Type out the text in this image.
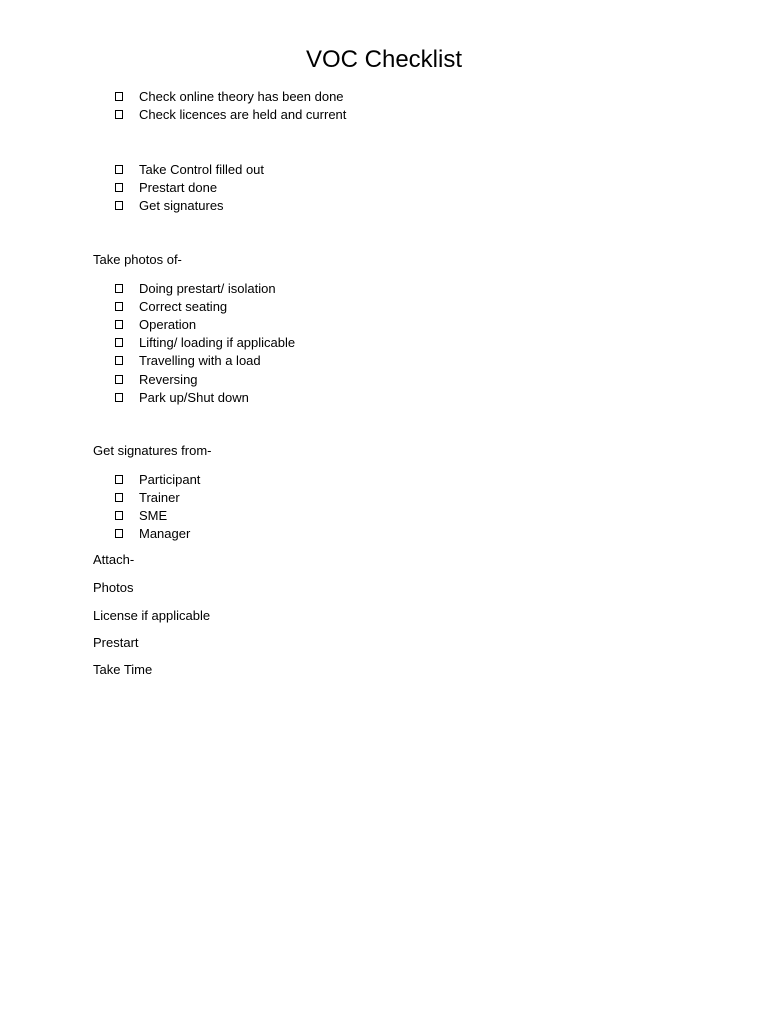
VOC Checklist
Check online theory has been done
Check licences are held and current
Take Control filled out
Prestart done
Get signatures
Take photos of-
Doing prestart/ isolation
Correct seating
Operation
Lifting/ loading if applicable
Travelling with a load
Reversing
Park up/Shut down
Get signatures from-
Participant
Trainer
SME
Manager
Attach-
Photos
License if applicable
Prestart
Take Time
